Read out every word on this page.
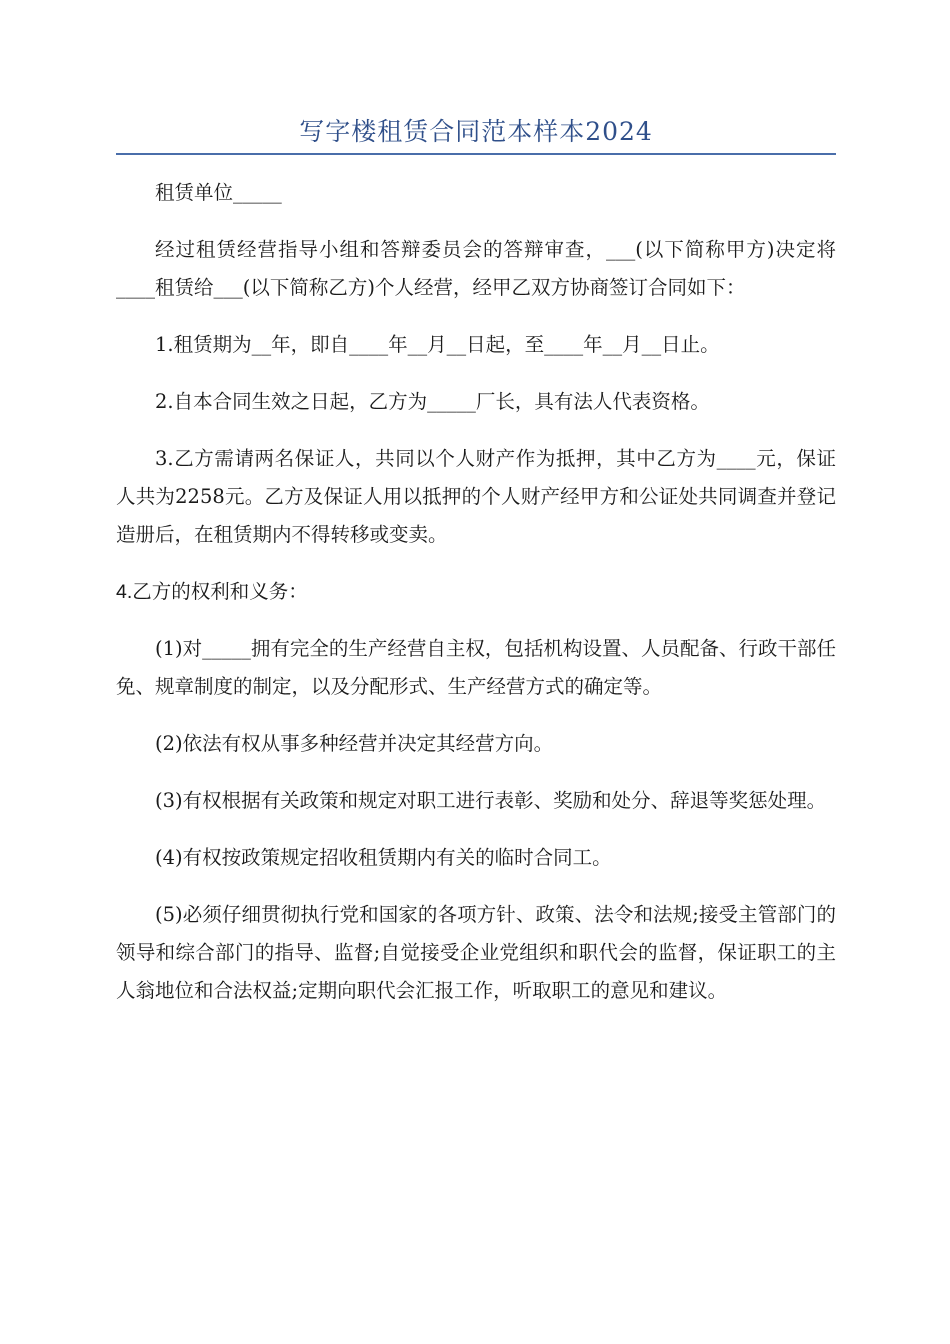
写字楼租赁合同范本样本2024

租赁单位_____

经过租赁经营指导小组和答辩委员会的答辩审查，___(以下简称甲方)决定将____租赁给___(以下简称乙方)个人经营，经甲乙双方协商签订合同如下：

1.租赁期为__年，即自____年__月__日起，至____年__月__日止。

2.自本合同生效之日起，乙方为_____厂长，具有法人代表资格。

3.乙方需请两名保证人，共同以个人财产作为抵押，其中乙方为____元，保证人共为2258元。乙方及保证人用以抵押的个人财产经甲方和公证处共同调查并登记造册后，在租赁期内不得转移或变卖。

4.乙方的权利和义务：

(1)对_____拥有完全的生产经营自主权，包括机构设置、人员配备、行政干部任免、规章制度的制定，以及分配形式、生产经营方式的确定等。

(2)依法有权从事多种经营并决定其经营方向。

(3)有权根据有关政策和规定对职工进行表彰、奖励和处分、辞退等奖惩处理。

(4)有权按政策规定招收租赁期内有关的临时合同工。

(5)必须仔细贯彻执行党和国家的各项方针、政策、法令和法规;接受主管部门的领导和综合部门的指导、监督;自觉接受企业党组织和职代会的监督，保证职工的主人翁地位和合法权益;定期向职代会汇报工作，听取职工的意见和建议。
